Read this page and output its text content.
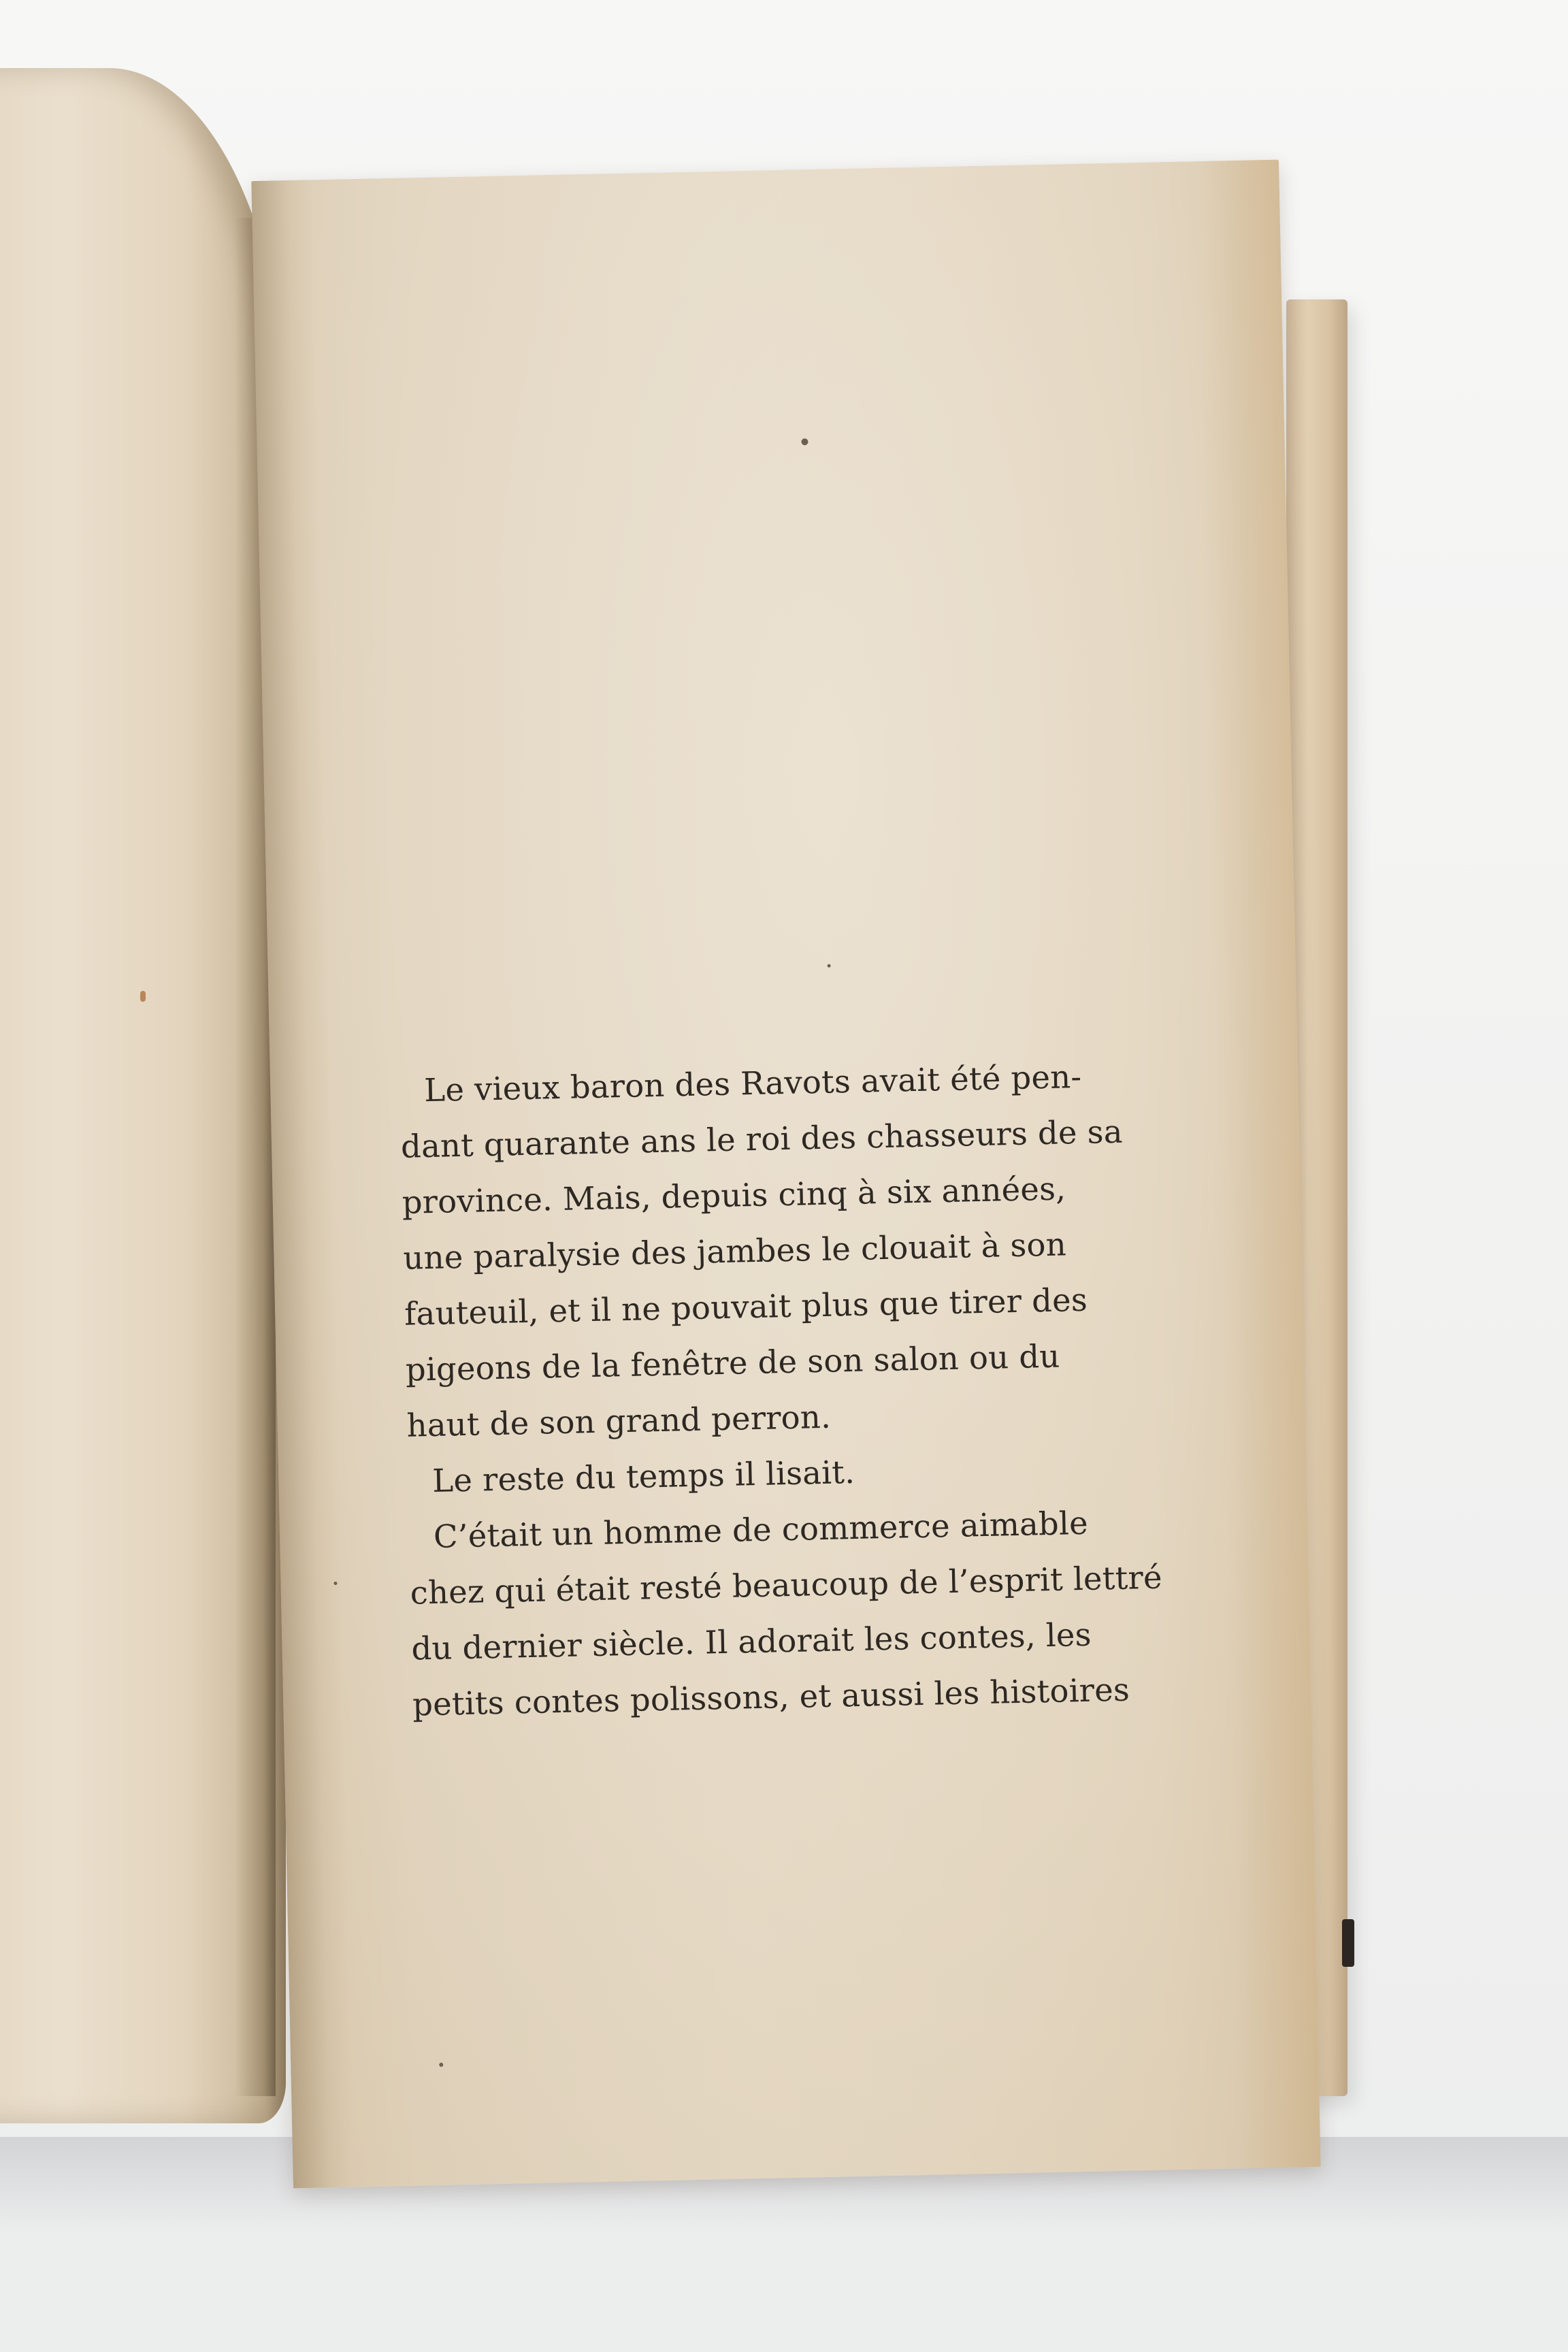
Le vieux baron des Ravots avait été pen-
dant quarante ans le roi des chasseurs de sa
province. Mais, depuis cinq à six années,
une paralysie des jambes le clouait à son
fauteuil, et il ne pouvait plus que tirer des
pigeons de la fenêtre de son salon ou du
haut de son grand perron.
Le reste du temps il lisait.
C’était un homme de commerce aimable
chez qui était resté beaucoup de l’esprit lettré
du dernier siècle. Il adorait les contes, les
petits contes polissons, et aussi les histoires
